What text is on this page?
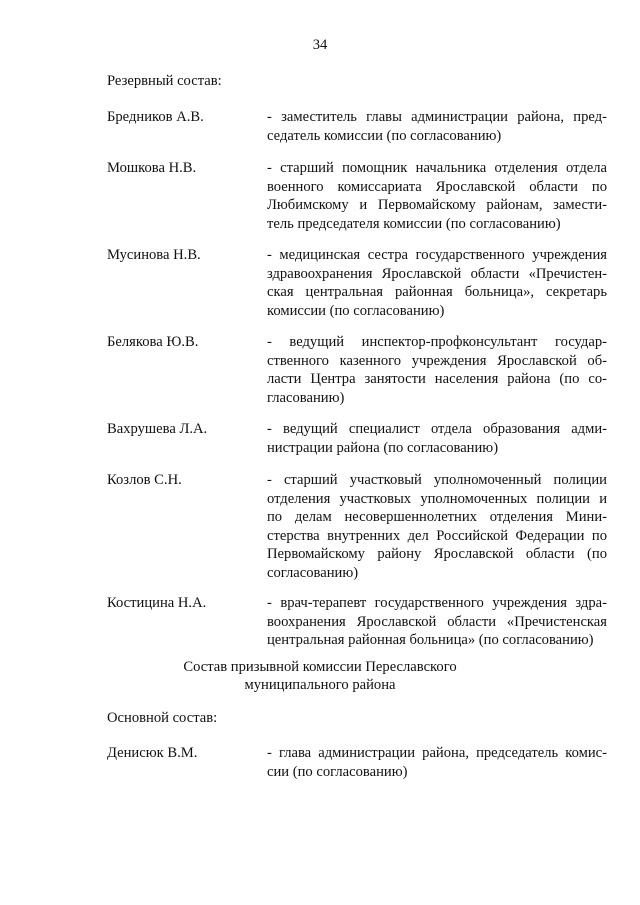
34
Резервный состав:
Бредников А.В.	- заместитель главы администрации района, пред-
седатель комиссии (по согласованию)
Мошкова Н.В.	- старший помощник начальника отделения отдела
военного комиссариата Ярославской области по
Любимскому и Первомайскому районам, замести-
тель председателя комиссии (по согласованию)
Мусинова Н.В.	- медицинская сестра государственного учреждения
здравоохранения Ярославской области «Пречистен-
ская центральная районная больница», секретарь
комиссии (по согласованию)
Белякова Ю.В.	- ведущий инспектор-профконсультант государ-
ственного казенного учреждения Ярославской об-
ласти Центра занятости населения района (по со-
гласованию)
Вахрушева Л.А.	- ведущий специалист отдела образования адми-
нистрации района (по согласованию)
Козлов С.Н.	- старший участковый уполномоченный полиции
отделения участковых уполномоченных полиции и
по делам несовершеннолетних отделения Мини-
стерства внутренних дел Российской Федерации по
Первомайскому району Ярославской области (по
согласованию)
Костицина Н.А.	- врач-терапевт государственного учреждения здра-
воохранения Ярославской области «Пречистенская
центральная районная больница» (по согласованию)
Состав призывной комиссии Переславского
муниципального района
Основной состав:
Денисюк В.М.	- глава администрации района, председатель комис-
сии (по согласованию)
